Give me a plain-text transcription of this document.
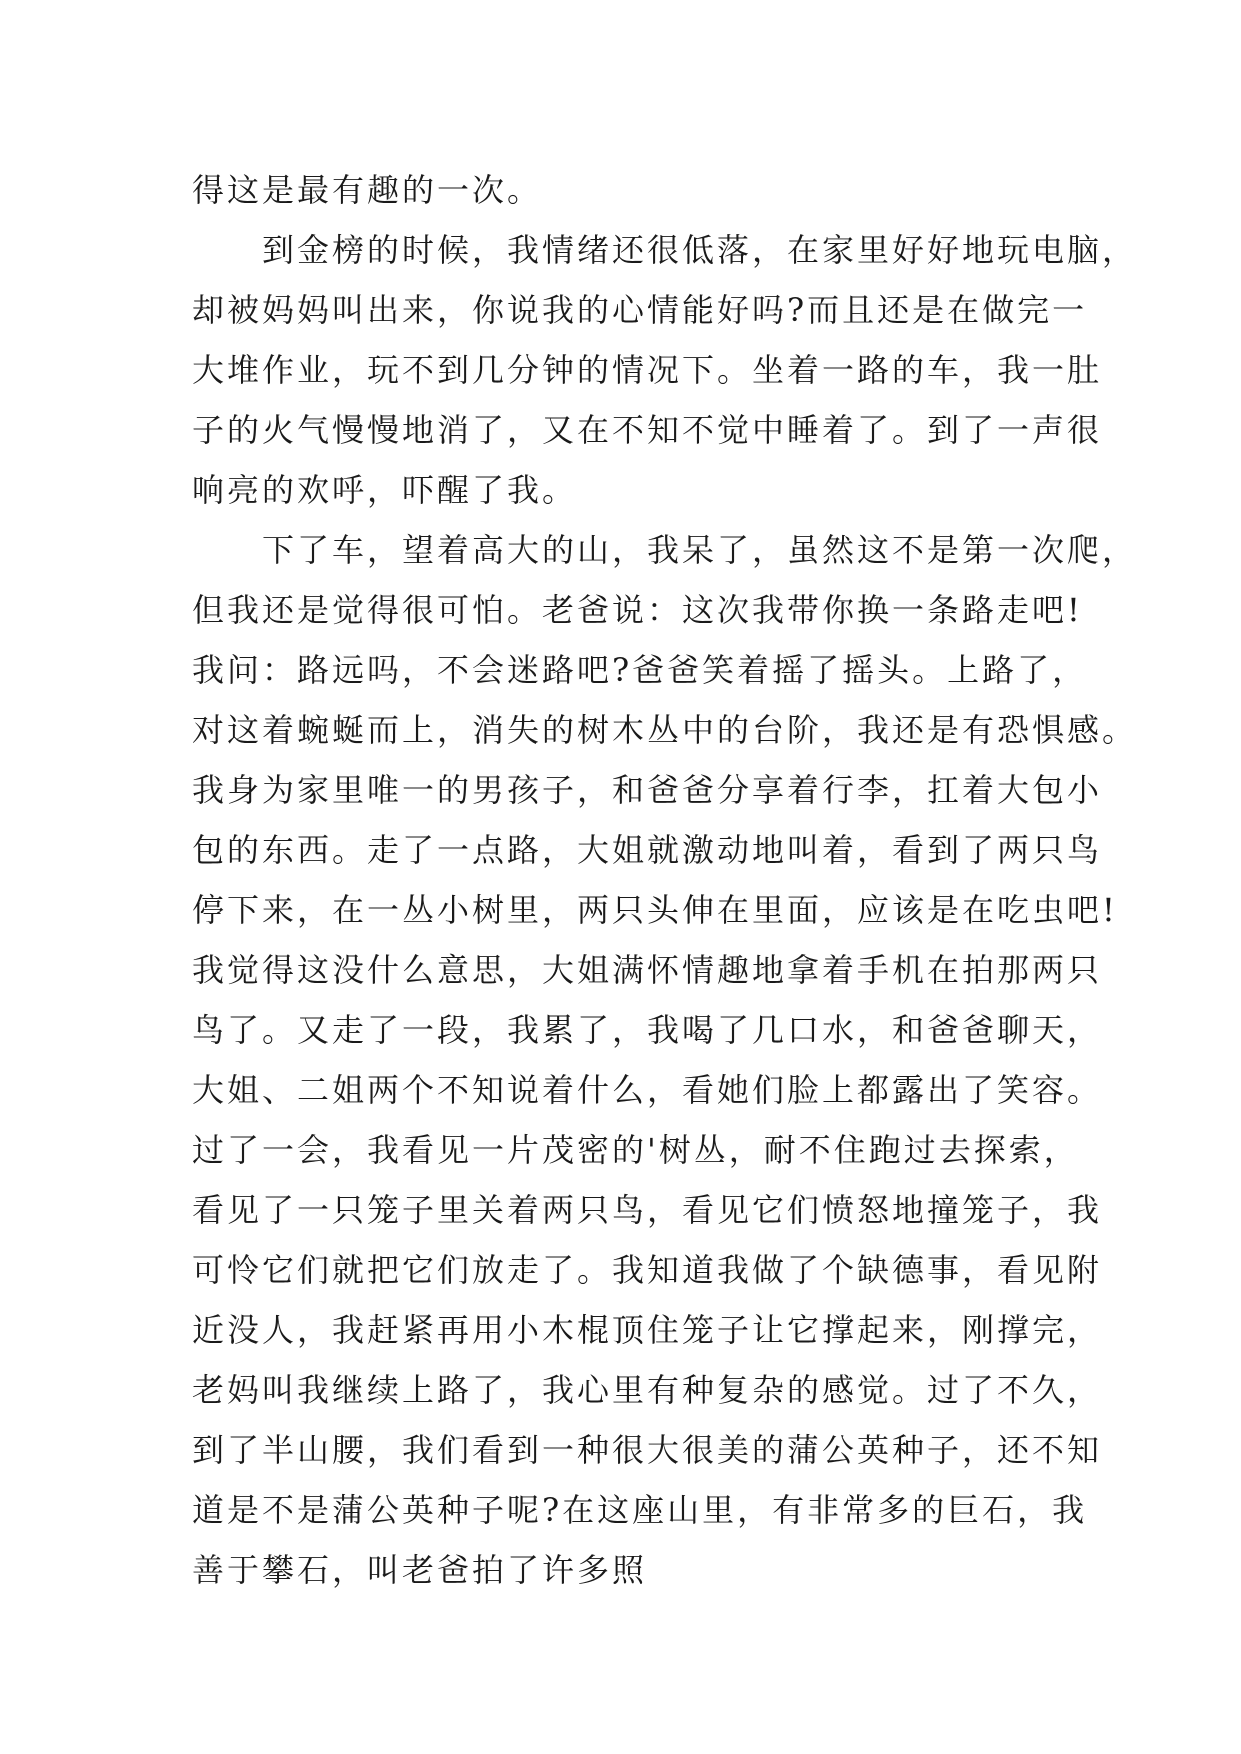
得这是最有趣的一次。
到金榜的时候，我情绪还很低落，在家里好好地玩电脑，
却被妈妈叫出来，你说我的心情能好吗?而且还是在做完一
大堆作业，玩不到几分钟的情况下。坐着一路的车，我一肚
子的火气慢慢地消了，又在不知不觉中睡着了。到了一声很
响亮的欢呼，吓醒了我。
下了车，望着高大的山，我呆了，虽然这不是第一次爬，
但我还是觉得很可怕。老爸说：这次我带你换一条路走吧!
我问：路远吗，不会迷路吧?爸爸笑着摇了摇头。上路了，
对这着蜿蜒而上，消失的树木丛中的台阶，我还是有恐惧感。
我身为家里唯一的男孩子，和爸爸分享着行李，扛着大包小
包的东西。走了一点路，大姐就激动地叫着，看到了两只鸟
停下来，在一丛小树里，两只头伸在里面，应该是在吃虫吧!
我觉得这没什么意思，大姐满怀情趣地拿着手机在拍那两只
鸟了。又走了一段，我累了，我喝了几口水，和爸爸聊天，
大姐、二姐两个不知说着什么，看她们脸上都露出了笑容。
过了一会，我看见一片茂密的'树丛，耐不住跑过去探索，
看见了一只笼子里关着两只鸟，看见它们愤怒地撞笼子，我
可怜它们就把它们放走了。我知道我做了个缺德事，看见附
近没人，我赶紧再用小木棍顶住笼子让它撑起来，刚撑完，
老妈叫我继续上路了，我心里有种复杂的感觉。过了不久，
到了半山腰，我们看到一种很大很美的蒲公英种子，还不知
道是不是蒲公英种子呢?在这座山里，有非常多的巨石，我
善于攀石，叫老爸拍了许多照
